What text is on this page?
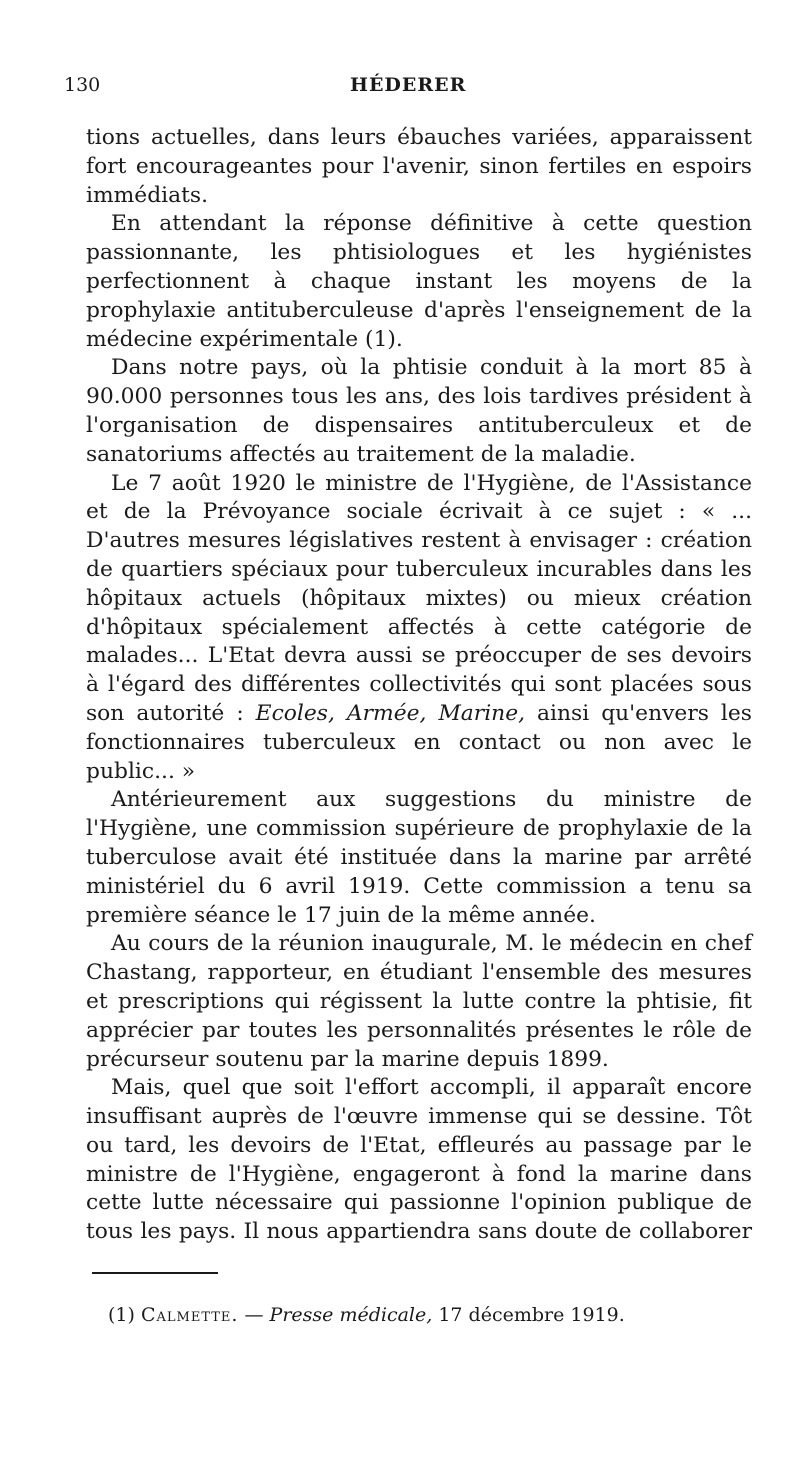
130	HÉDERER

tions actuelles, dans leurs ébauches variées, apparaissent fort encourageantes pour l'avenir, sinon fertiles en espoirs immédiats.

En attendant la réponse définitive à cette question passionnante, les phtisiologues et les hygiénistes perfectionnent à chaque instant les moyens de la prophylaxie antituberculeuse d'après l'enseignement de la médecine expérimentale (1).

Dans notre pays, où la phtisie conduit à la mort 85 à 90.000 personnes tous les ans, des lois tardives président à l'organisation de dispensaires antituberculeux et de sanatoriums affectés au traitement de la maladie.

Le 7 août 1920 le ministre de l'Hygiène, de l'Assistance et de la Prévoyance sociale écrivait à ce sujet : « ... D'autres mesures législatives restent à envisager : création de quartiers spéciaux pour tuberculeux incurables dans les hôpitaux actuels (hôpitaux mixtes) ou mieux création d'hôpitaux spécialement affectés à cette catégorie de malades... L'Etat devra aussi se préoccuper de ses devoirs à l'égard des différentes collectivités qui sont placées sous son autorité : Ecoles, Armée, Marine, ainsi qu'envers les fonctionnaires tuberculeux en contact ou non avec le public... »

Antérieurement aux suggestions du ministre de l'Hygiène, une commission supérieure de prophylaxie de la tuberculose avait été instituée dans la marine par arrêté ministériel du 6 avril 1919. Cette commission a tenu sa première séance le 17 juin de la même année.

Au cours de la réunion inaugurale, M. le médecin en chef Chastang, rapporteur, en étudiant l'ensemble des mesures et prescriptions qui régissent la lutte contre la phtisie, fit apprécier par toutes les personnalités présentes le rôle de précurseur soutenu par la marine depuis 1899.

Mais, quel que soit l'effort accompli, il apparaît encore insuffisant auprès de l'œuvre immense qui se dessine. Tôt ou tard, les devoirs de l'Etat, effleurés au passage par le ministre de l'Hygiène, engageront à fond la marine dans cette lutte nécessaire qui passionne l'opinion publique de tous les pays. Il nous appartiendra sans doute de collaborer

(1) Calmette. — Presse médicale, 17 décembre 1919.
